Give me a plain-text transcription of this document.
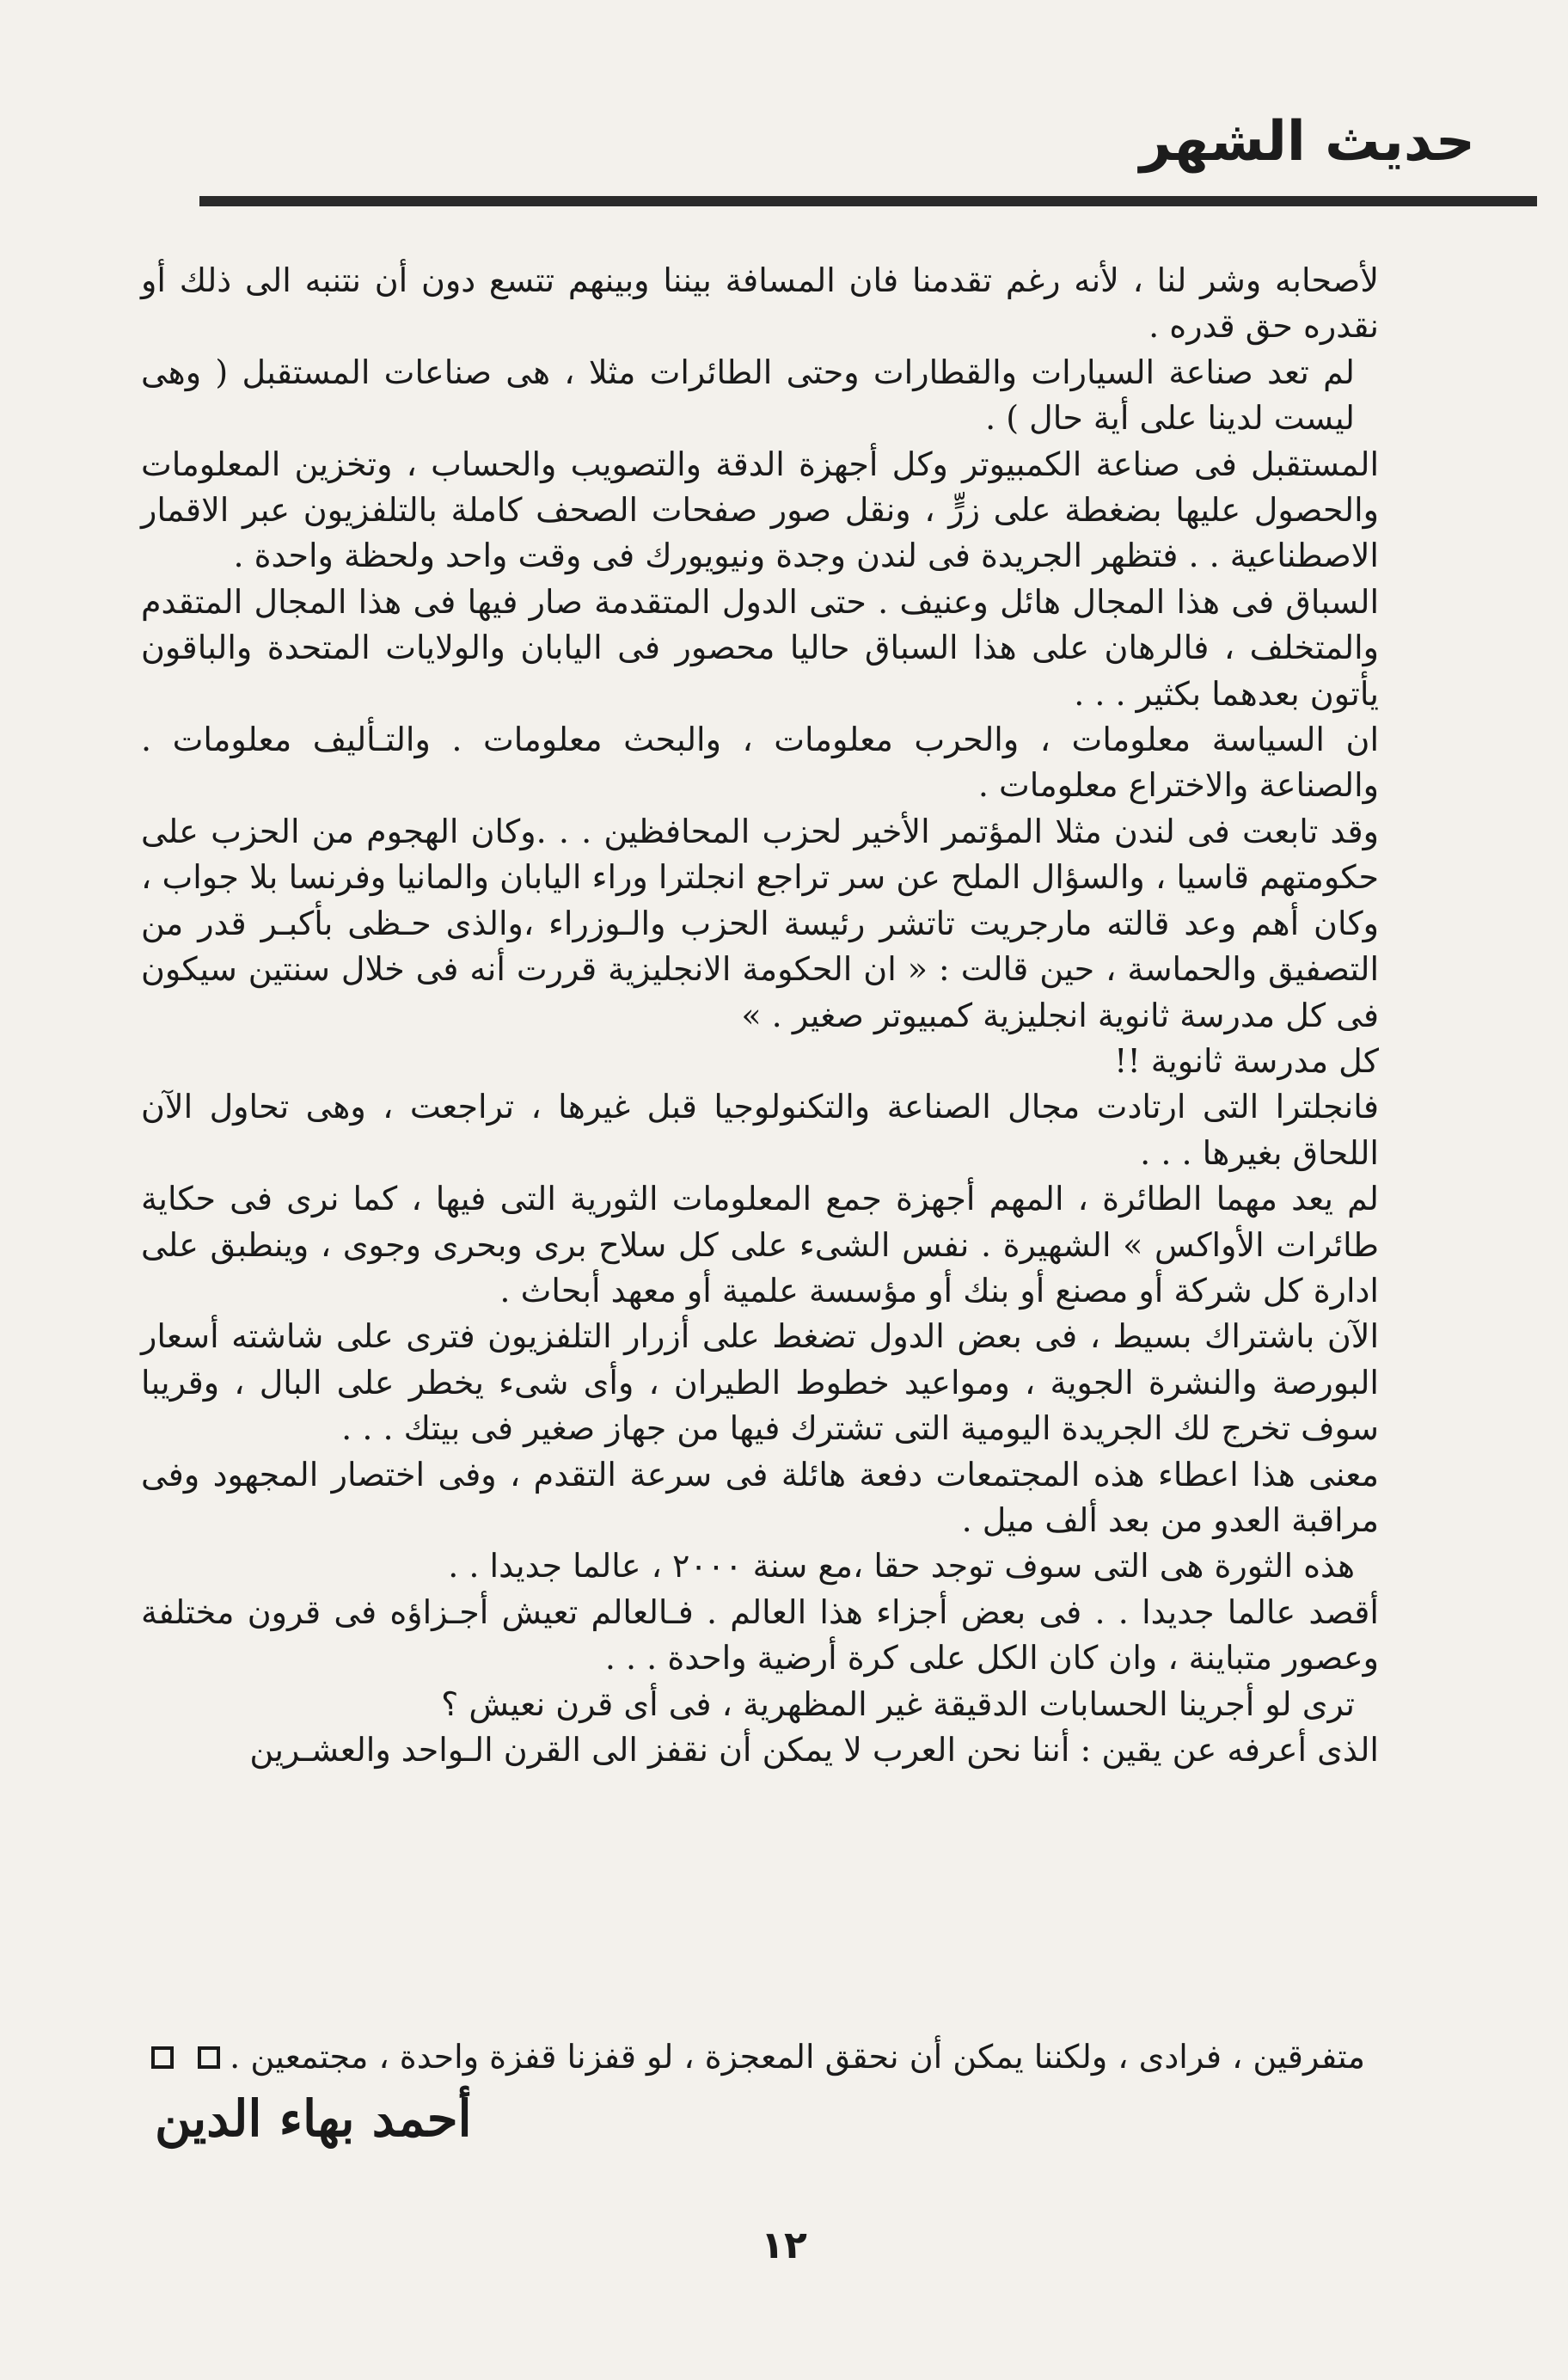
حديث الشهر

لأصحابه وشر لنا ، لأنه رغم تقدمنا فان المسافة بيننا وبينهم تتسع دون أن نتنبه الى ذلك أو نقدره حق قدره .

لم تعد صناعة السيارات والقطارات وحتى الطائرات مثلا ، هى صناعات المستقبل ( وهى ليست لدينا على أية حال ) .

المستقبل فى صناعة الكمبيوتر وكل أجهزة الدقة والتصويب والحساب ، وتخزين المعلومات والحصول عليها بضغطة على زرٍّ ، ونقل صور صفحات الصحف كاملة بالتلفزيون عبر الاقمار الاصطناعية . . فتظهر الجريدة فى لندن وجدة ونيويورك فى وقت واحد ولحظة واحدة .

السباق فى هذا المجال هائل وعنيف . حتى الدول المتقدمة صار فيها فى هذا المجال المتقدم والمتخلف ، فالرهان على هذا السباق حاليا محصور فى اليابان والولايات المتحدة والباقون يأتون بعدهما بكثير . . .

ان السياسة معلومات ، والحرب معلومات ، والبحث معلومات . والتـأليف معلومات . والصناعة والاختراع معلومات .

وقد تابعت فى لندن مثلا المؤتمر الأخير لحزب المحافظين . . .وكان الهجوم من الحزب على حكومتهم قاسيا ، والسؤال الملح عن سر تراجع انجلترا وراء اليابان والمانيا وفرنسا بلا جواب ، وكان أهم وعد قالته مارجريت تاتشر رئيسة الحزب والـوزراء ،والذى حـظى بأكبـر قدر من التصفيق والحماسة ، حين قالت : « ان الحكومة الانجليزية قررت أنه فى خلال سنتين سيكون فى كل مدرسة ثانوية انجليزية كمبيوتر صغير . »

كل مدرسة ثانوية !!

فانجلترا التى ارتادت مجال الصناعة والتكنولوجيا قبل غيرها ، تراجعت ، وهى تحاول الآن اللحاق بغيرها . . .

لم يعد مهما الطائرة ، المهم أجهزة جمع المعلومات الثورية التى فيها ، كما نرى فى حكاية طائرات الأواكس » الشهيرة . نفس الشىء على كل سلاح برى وبحرى وجوى ، وينطبق على ادارة كل شركة أو مصنع أو بنك أو مؤسسة علمية أو معهد أبحاث .

الآن باشتراك بسيط ، فى بعض الدول تضغط على أزرار التلفزيون فترى على شاشته أسعار البورصة والنشرة الجوية ، ومواعيد خطوط الطيران ، وأى شىء يخطر على البال ، وقريبا سوف تخرج لك الجريدة اليومية التى تشترك فيها من جهاز صغير فى بيتك . . .

معنى هذا اعطاء هذه المجتمعات دفعة هائلة فى سرعة التقدم ، وفى اختصار المجهود وفى مراقبة العدو من بعد ألف ميل .

هذه الثورة هى التى سوف توجد حقا ،مع سنة ٢٠٠٠ ، عالما جديدا . .

أقصد عالما جديدا . . فى بعض أجزاء هذا العالم . فـالعالم تعيش أجـزاؤه فى قرون مختلفة وعصور متباينة ، وان كان الكل على كرة أرضية واحدة . . .

ترى لو أجرينا الحسابات الدقيقة غير المظهرية ، فى أى قرن نعيش ؟

الذى أعرفه عن يقين : أننا نحن العرب لا يمكن أن نقفز الى القرن الـواحد والعشـرين

متفرقين ، فرادى ، ولكننا يمكن أن نحقق المعجزة ، لو قفزنا قفزة واحدة ، مجتمعين .
أحمد بهاء الدين
١٢
